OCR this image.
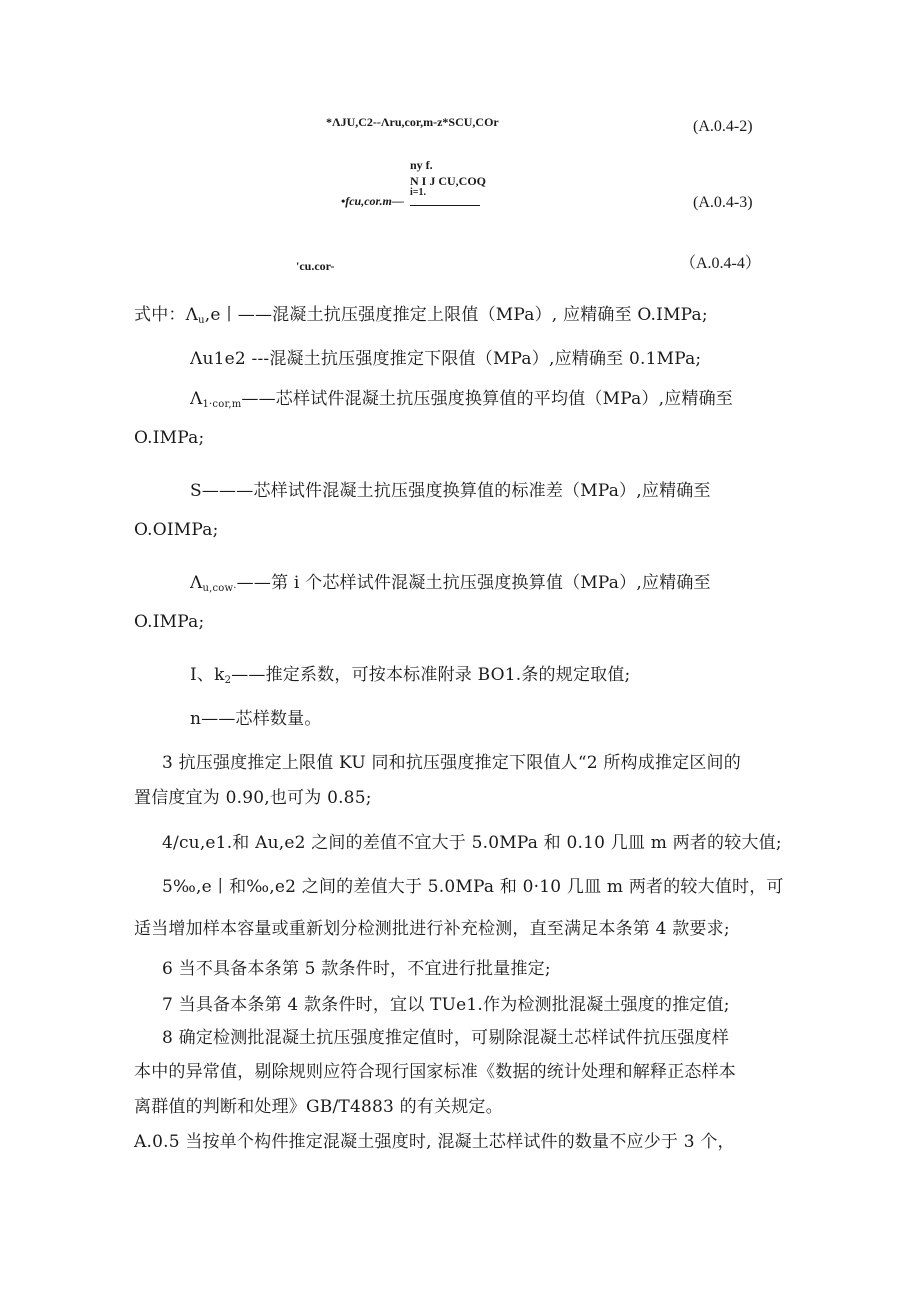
*ΛJU,C2--Λru,cor,m-z*SCU,COr	(A.0.4-2)
ny f.
N I J CU,COQ
i=1.
•fcu,cor.m—	(A.0.4-3)
'cu.cor-	（A.0.4-4）
式中：$\Lambda_u,e$丨——混凝土抗压强度推定上限值（MPa）, 应精确至 O.IMPa;
Λu1e2 ---混凝土抗压强度推定下限值（MPa）,应精确至 0.1MPa;
$\Lambda_{1\cdot cor,m}——$芯样试件混凝土抗压强度换算值的平均值（MPa）,应精确至
O.IMPa;
S———芯样试件混凝土抗压强度换算值的标准差（MPa）,应精确至
O.OIMPa;
$\Lambda_{u,cow\cdot}——$第 i 个芯样试件混凝土抗压强度换算值（MPa）,应精确至
O.IMPa;
I、$k_2——$推定系数，可按本标准附录 BO1.条的规定取值;
n——芯样数量。
3 抗压强度推定上限值 KU 同和抗压强度推定下限值人“2 所构成推定区间的
置信度宜为 0.90,也可为 0.85;
4∕cu,e1.和 Au,e2 之间的差值不宜大于 5.0MPa 和 0.10 几皿 m 两者的较大值;
5‰,e丨和‰,e2 之间的差值大于 5.0MPa 和 0·10 几皿 m 两者的较大值时，可
适当增加样本容量或重新划分检测批进行补充检测，直至满足本条第 4 款要求;
6 当不具备本条第 5 款条件时，不宜进行批量推定;
7 当具备本条第 4 款条件时，宜以 TUe1.作为检测批混凝土强度的推定值;
8 确定检测批混凝土抗压强度推定值时，可剔除混凝土芯样试件抗压强度样
本中的异常值，剔除规则应符合现行国家标准《数据的统计处理和解释正态样本
离群值的判断和处理》GB/T4883 的有关规定。
A.0.5 当按单个构件推定混凝土强度时, 混凝土芯样试件的数量不应少于 3 个，
